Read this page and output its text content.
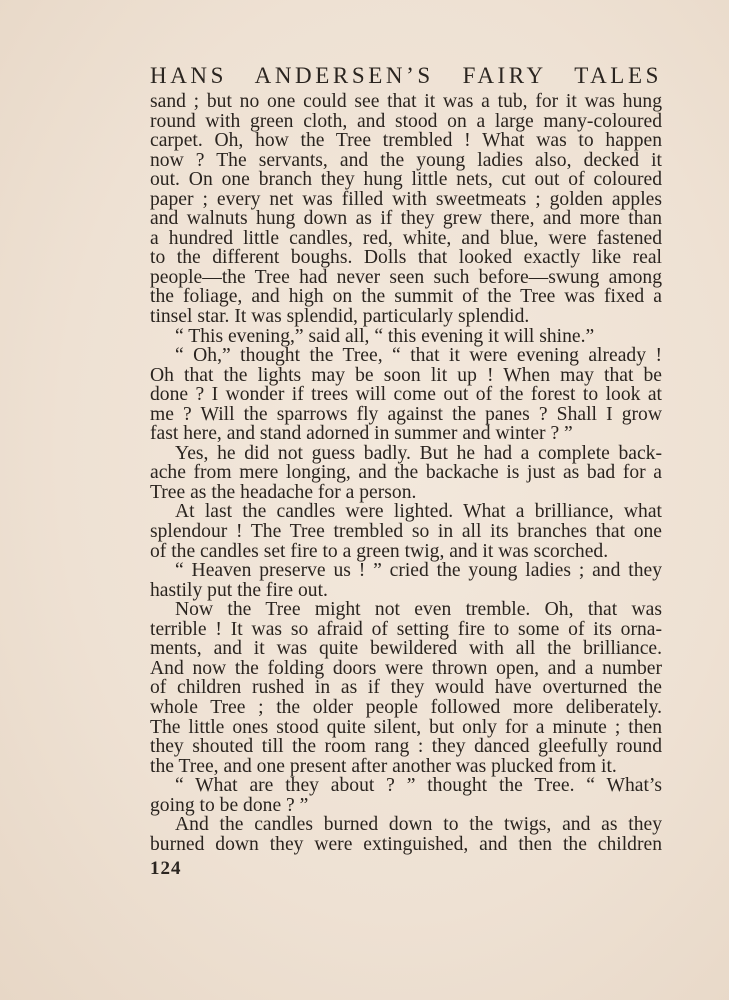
HANS ANDERSEN’S FAIRY TALES
sand ; but no one could see that it was a tub, for it was hung
round with green cloth, and stood on a large many-coloured
carpet. Oh, how the Tree trembled ! What was to happen
now ? The servants, and the young ladies also, decked it
out. On one branch they hung little nets, cut out of coloured
paper ; every net was filled with sweetmeats ; golden apples
and walnuts hung down as if they grew there, and more than
a hundred little candles, red, white, and blue, were fastened
to the different boughs. Dolls that looked exactly like real
people—the Tree had never seen such before—swung among
the foliage, and high on the summit of the Tree was fixed a
tinsel star. It was splendid, particularly splendid.
“ This evening,” said all, “ this evening it will shine.”
“ Oh,” thought the Tree, “ that it were evening already !
Oh that the lights may be soon lit up ! When may that be
done ? I wonder if trees will come out of the forest to look at
me ? Will the sparrows fly against the panes ? Shall I grow
fast here, and stand adorned in summer and winter ? ”
Yes, he did not guess badly. But he had a complete back-
ache from mere longing, and the backache is just as bad for a
Tree as the headache for a person.
At last the candles were lighted. What a brilliance, what
splendour ! The Tree trembled so in all its branches that one
of the candles set fire to a green twig, and it was scorched.
“ Heaven preserve us ! ” cried the young ladies ; and they
hastily put the fire out.
Now the Tree might not even tremble. Oh, that was
terrible ! It was so afraid of setting fire to some of its orna-
ments, and it was quite bewildered with all the brilliance.
And now the folding doors were thrown open, and a number
of children rushed in as if they would have overturned the
whole Tree ; the older people followed more deliberately.
The little ones stood quite silent, but only for a minute ; then
they shouted till the room rang : they danced gleefully round
the Tree, and one present after another was plucked from it.
“ What are they about ? ” thought the Tree. “ What’s
going to be done ? ”
And the candles burned down to the twigs, and as they
burned down they were extinguished, and then the children
124
